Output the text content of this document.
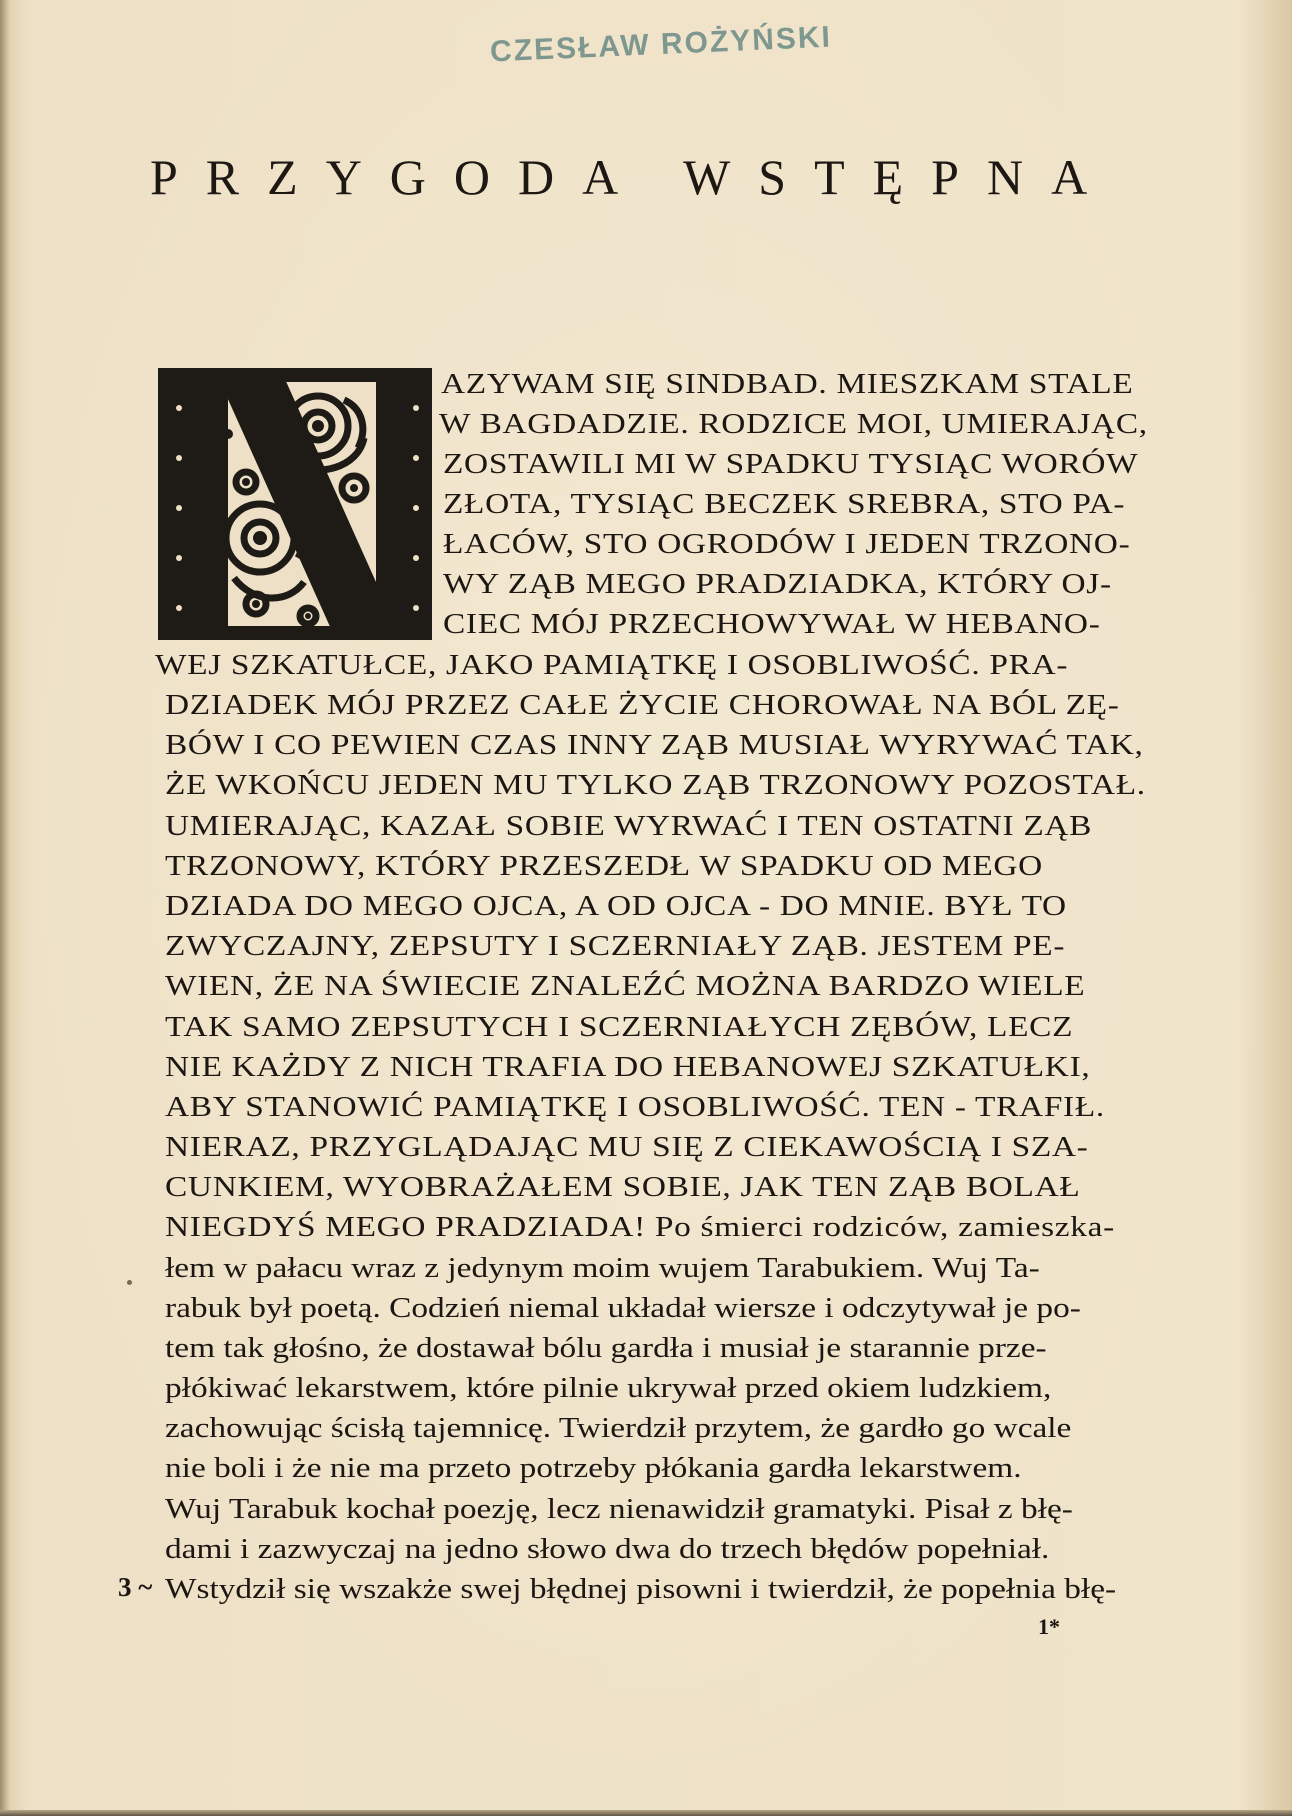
CZESŁAW ROŻYŃSKI
PRZYGODA WSTĘPNA
AZYWAM SIĘ SINDBAD. MIESZKAM STALE
W BAGDADZIE. RODZICE MOI, UMIERAJĄC,
ZOSTAWILI MI W SPADKU TYSIĄC WORÓW
ZŁOTA, TYSIĄC BECZEK SREBRA, STO PA-
ŁACÓW, STO OGRODÓW I JEDEN TRZONO-
WY ZĄB MEGO PRADZIADKA, KTÓRY OJ-
CIEC MÓJ PRZECHOWYWAŁ W HEBANO-
WEJ SZKATUŁCE, JAKO PAMIĄTKĘ I OSOBLIWOŚĆ. PRA-
DZIADEK MÓJ PRZEZ CAŁE ŻYCIE CHOROWAŁ NA BÓL ZĘ-
BÓW I CO PEWIEN CZAS INNY ZĄB MUSIAŁ WYRYWAĆ TAK,
ŻE WKOŃCU JEDEN MU TYLKO ZĄB TRZONOWY POZOSTAŁ.
UMIERAJĄC, KAZAŁ SOBIE WYRWAĆ I TEN OSTATNI ZĄB
TRZONOWY, KTÓRY PRZESZEDŁ W SPADKU OD MEGO
DZIADA DO MEGO OJCA, A OD OJCA - DO MNIE. BYŁ TO
ZWYCZAJNY, ZEPSUTY I SCZERNIAŁY ZĄB. JESTEM PE-
WIEN, ŻE NA ŚWIECIE ZNALEŹĆ MOŻNA BARDZO WIELE
TAK SAMO ZEPSUTYCH I SCZERNIAŁYCH ZĘBÓW, LECZ
NIE KAŻDY Z NICH TRAFIA DO HEBANOWEJ SZKATUŁKI,
ABY STANOWIĆ PAMIĄTKĘ I OSOBLIWOŚĆ. TEN - TRAFIŁ.
NIERAZ, PRZYGLĄDAJĄC MU SIĘ Z CIEKAWOŚCIĄ I SZA-
CUNKIEM, WYOBRAŻAŁEM SOBIE, JAK TEN ZĄB BOLAŁ
NIEGDYŚ MEGO PRADZIADA! Po śmierci rodziców, zamieszka-
łem w pałacu wraz z jedynym moim wujem Tarabukiem. Wuj Ta-
rabuk był poetą. Codzień niemal układał wiersze i odczytywał je po-
tem tak głośno, że dostawał bólu gardła i musiał je starannie prze-
płókiwać lekarstwem, które pilnie ukrywał przed okiem ludzkiem,
zachowując ścisłą tajemnicę. Twierdził przytem, że gardło go wcale
nie boli i że nie ma przeto potrzeby płókania gardła lekarstwem.
Wuj Tarabuk kochał poezję, lecz nienawidził gramatyki. Pisał z błę-
dami i zazwyczaj na jedno słowo dwa do trzech błędów popełniał.
Wstydził się wszakże swej błędnej pisowni i twierdził, że popełnia błę-
3 ~
1*
